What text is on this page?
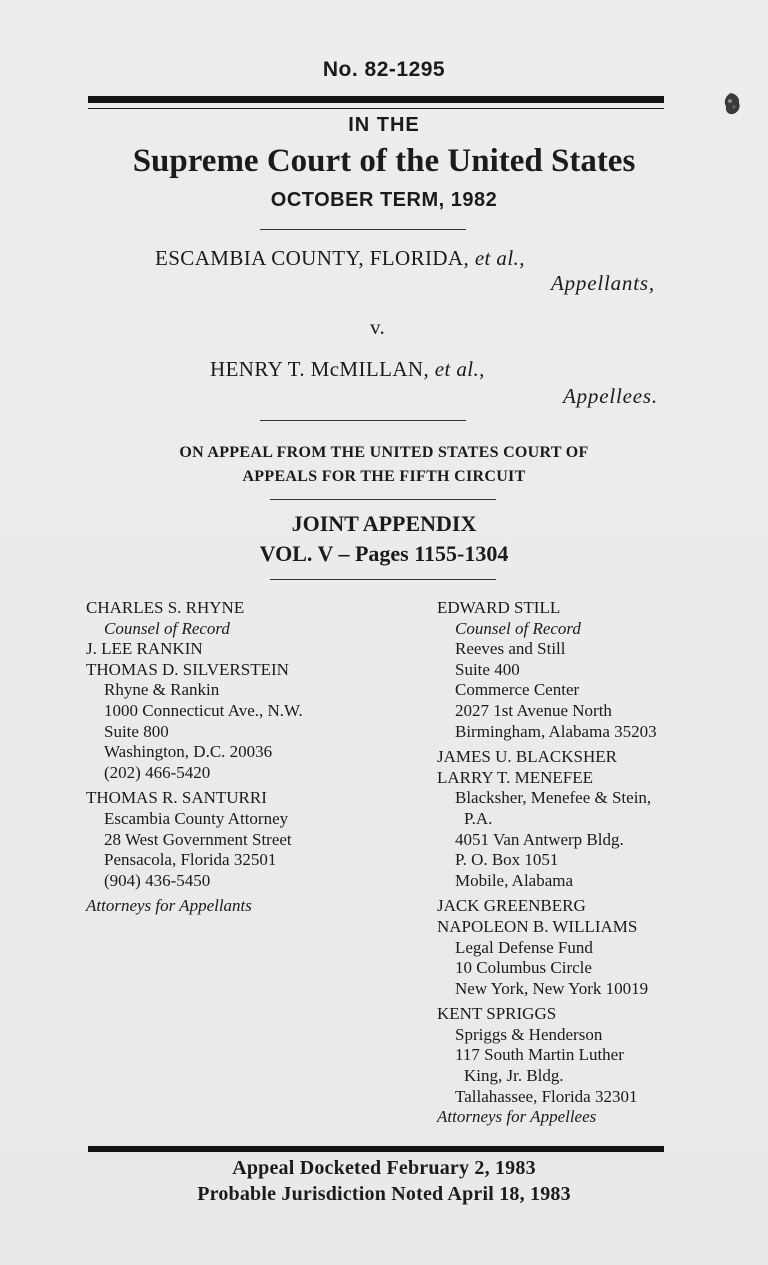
No. 82-1295
IN THE
Supreme Court of the United States
OCTOBER TERM, 1982
ESCAMBIA COUNTY, FLORIDA, et al.,
Appellants,
v.
HENRY T. McMILLAN, et al.,
Appellees.
ON APPEAL FROM THE UNITED STATES COURT OF
APPEALS FOR THE FIFTH CIRCUIT
JOINT APPENDIX
VOL. V – Pages 1155-1304
CHARLES S. RHYNE
Counsel of Record
J. LEE RANKIN
THOMAS D. SILVERSTEIN
Rhyne & Rankin
1000 Connecticut Ave., N.W.
Suite 800
Washington, D.C. 20036
(202) 466-5420
THOMAS R. SANTURRI
Escambia County Attorney
28 West Government Street
Pensacola, Florida 32501
(904) 436-5450
Attorneys for Appellants
EDWARD STILL
Counsel of Record
Reeves and Still
Suite 400
Commerce Center
2027 1st Avenue North
Birmingham, Alabama 35203
JAMES U. BLACKSHER
LARRY T. MENEFEE
Blacksher, Menefee & Stein,
P.A.
4051 Van Antwerp Bldg.
P. O. Box 1051
Mobile, Alabama
JACK GREENBERG
NAPOLEON B. WILLIAMS
Legal Defense Fund
10 Columbus Circle
New York, New York 10019
KENT SPRIGGS
Spriggs & Henderson
117 South Martin Luther
King, Jr. Bldg.
Tallahassee, Florida 32301
Attorneys for Appellees
Appeal Docketed February 2, 1983
Probable Jurisdiction Noted April 18, 1983
